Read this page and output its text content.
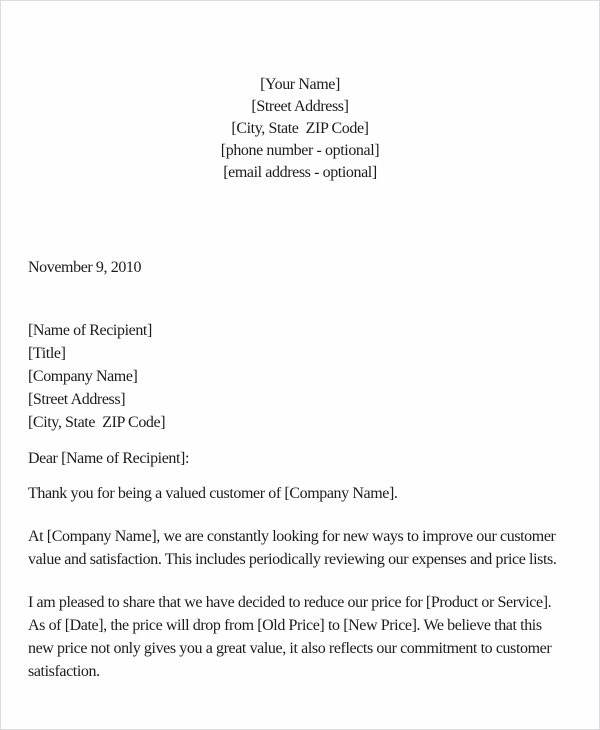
[Your Name]
[Street Address]
[City, State  ZIP Code]
[phone number - optional]
[email address - optional]
November 9, 2010
[Name of Recipient]
[Title]
[Company Name]
[Street Address]
[City, State  ZIP Code]
Dear [Name of Recipient]:
Thank you for being a valued customer of [Company Name].
At [Company Name], we are constantly looking for new ways to improve our customer
value and satisfaction. This includes periodically reviewing our expenses and price lists.
I am pleased to share that we have decided to reduce our price for [Product or Service].
As of [Date], the price will drop from [Old Price] to [New Price]. We believe that this
new price not only gives you a great value, it also reflects our commitment to customer
satisfaction.
